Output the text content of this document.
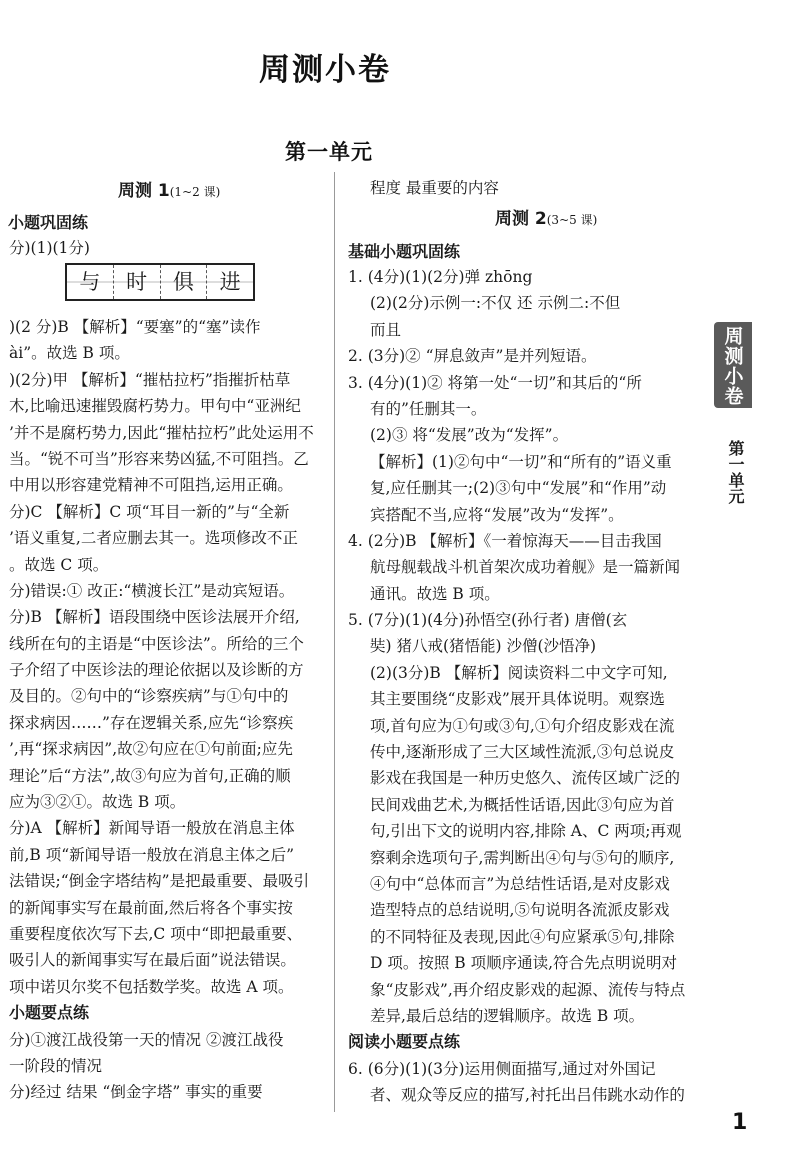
周测小卷
第一单元
周测 1(1~2 课)
小题巩固练
分)(1)(1分)
与	时	俱	进
)(2 分)B 【解析】“要塞”的“塞”读作
ài”。故选 B 项。
)(2分)甲 【解析】“摧枯拉朽”指摧折枯草
木,比喻迅速摧毁腐朽势力。甲句中“亚洲纪
’并不是腐朽势力,因此“摧枯拉朽”此处运用不
当。“锐不可当”形容来势凶猛,不可阻挡。乙
中用以形容建党精神不可阻挡,运用正确。
分)C 【解析】C 项“耳目一新的”与“全新
’语义重复,二者应删去其一。选项修改不正
。故选 C 项。
分)错误:① 改正:“横渡长江”是动宾短语。
分)B 【解析】语段围绕中医诊法展开介绍,
线所在句的主语是“中医诊法”。所给的三个
子介绍了中医诊法的理论依据以及诊断的方
及目的。②句中的“诊察疾病”与①句中的
探求病因……”存在逻辑关系,应先“诊察疾
’,再“探求病因”,故②句应在①句前面;应先
理论”后“方法”,故③句应为首句,正确的顺
应为③②①。故选 B 项。
分)A 【解析】新闻导语一般放在消息主体
前,B 项“新闻导语一般放在消息主体之后”
法错误;“倒金字塔结构”是把最重要、最吸引
的新闻事实写在最前面,然后将各个事实按
重要程度依次写下去,C 项中“即把最重要、
吸引人的新闻事实写在最后面”说法错误。
项中诺贝尔奖不包括数学奖。故选 A 项。
小题要点练
分)①渡江战役第一天的情况 ②渡江战役
一阶段的情况
分)经过 结果 “倒金字塔” 事实的重要
程度 最重要的内容
周测 2(3~5 课)
基础小题巩固练
1. (4分)(1)(2分)弹 zhōng
(2)(2分)示例一:不仅 还 示例二:不但
而且
2. (3分)② “屏息敛声”是并列短语。
3. (4分)(1)② 将第一处“一切”和其后的“所
有的”任删其一。
(2)③ 将“发展”改为“发挥”。
【解析】(1)②句中“一切”和“所有的”语义重
复,应任删其一;(2)③句中“发展”和“作用”动
宾搭配不当,应将“发展”改为“发挥”。
4. (2分)B 【解析】《一着惊海天——目击我国
航母舰载战斗机首架次成功着舰》是一篇新闻
通讯。故选 B 项。
5. (7分)(1)(4分)孙悟空(孙行者) 唐僧(玄
奘) 猪八戒(猪悟能) 沙僧(沙悟净)
(2)(3分)B 【解析】阅读资料二中文字可知,
其主要围绕“皮影戏”展开具体说明。观察选
项,首句应为①句或③句,①句介绍皮影戏在流
传中,逐渐形成了三大区域性流派,③句总说皮
影戏在我国是一种历史悠久、流传区域广泛的
民间戏曲艺术,为概括性话语,因此③句应为首
句,引出下文的说明内容,排除 A、C 两项;再观
察剩余选项句子,需判断出④句与⑤句的顺序,
④句中“总体而言”为总结性话语,是对皮影戏
造型特点的总结说明,⑤句说明各流派皮影戏
的不同特征及表现,因此④句应紧承⑤句,排除
D 项。按照 B 项顺序通读,符合先点明说明对
象“皮影戏”,再介绍皮影戏的起源、流传与特点
差异,最后总结的逻辑顺序。故选 B 项。
阅读小题要点练
6. (6分)(1)(3分)运用侧面描写,通过对外国记
者、观众等反应的描写,衬托出吕伟跳水动作的
周测小卷
第一单元
1
